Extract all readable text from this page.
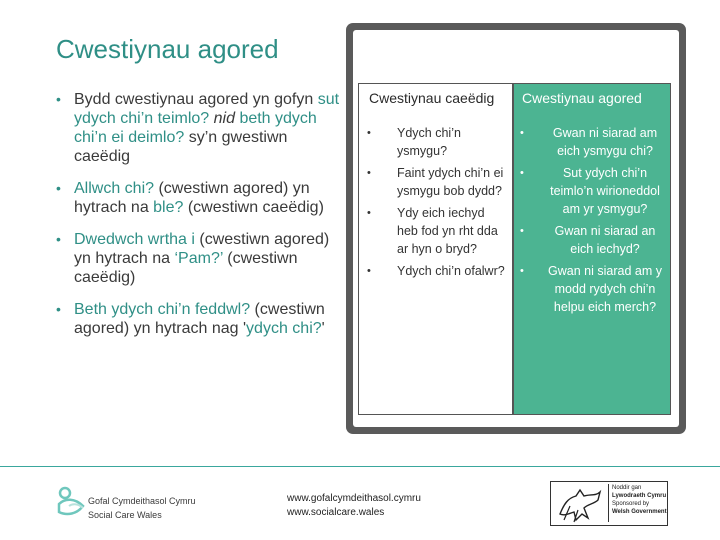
Cwestiynau agored
• Bydd cwestiynau agored yn gofyn sut ydych chi’n teimlo? nid beth ydych chi’n ei deimlo? sy’n gwestiwn caeëdig
• Allwch chi? (cwestiwn agored) yn hytrach na ble? (cwestiwn caeëdig)
• Dwedwch wrtha i (cwestiwn agored) yn hytrach na ‘Pam?’ (cwestiwn caeëdig)
• Beth ydych chi’n feddwl? (cwestiwn agored) yn hytrach nag 'ydych chi?'
Cwestiynau caeëdig
• Ydych chi’n ysmygu?
• Faint ydych chi’n ei ysmygu bob dydd?
• Ydy eich iechyd heb fod yn rht dda ar hyn o bryd?
• Ydych chi’n ofalwr?
Cwestiynau agored
• Gwan ni siarad am eich ysmygu chi?
•	Sut ydych chi’n teimlo’n wirioneddol am yr ysmygu?
• Gwan ni siarad an eich iechyd?
• Gwan ni siarad am y modd rydych chi’n helpu eich merch?
Gofal Cymdeithasol Cymru
Social Care Wales
www.gofalcymdeithasol.cymru
www.socialcare.wales
Noddir gan
Lywodraeth Cymru
Sponsored by
Welsh Government
